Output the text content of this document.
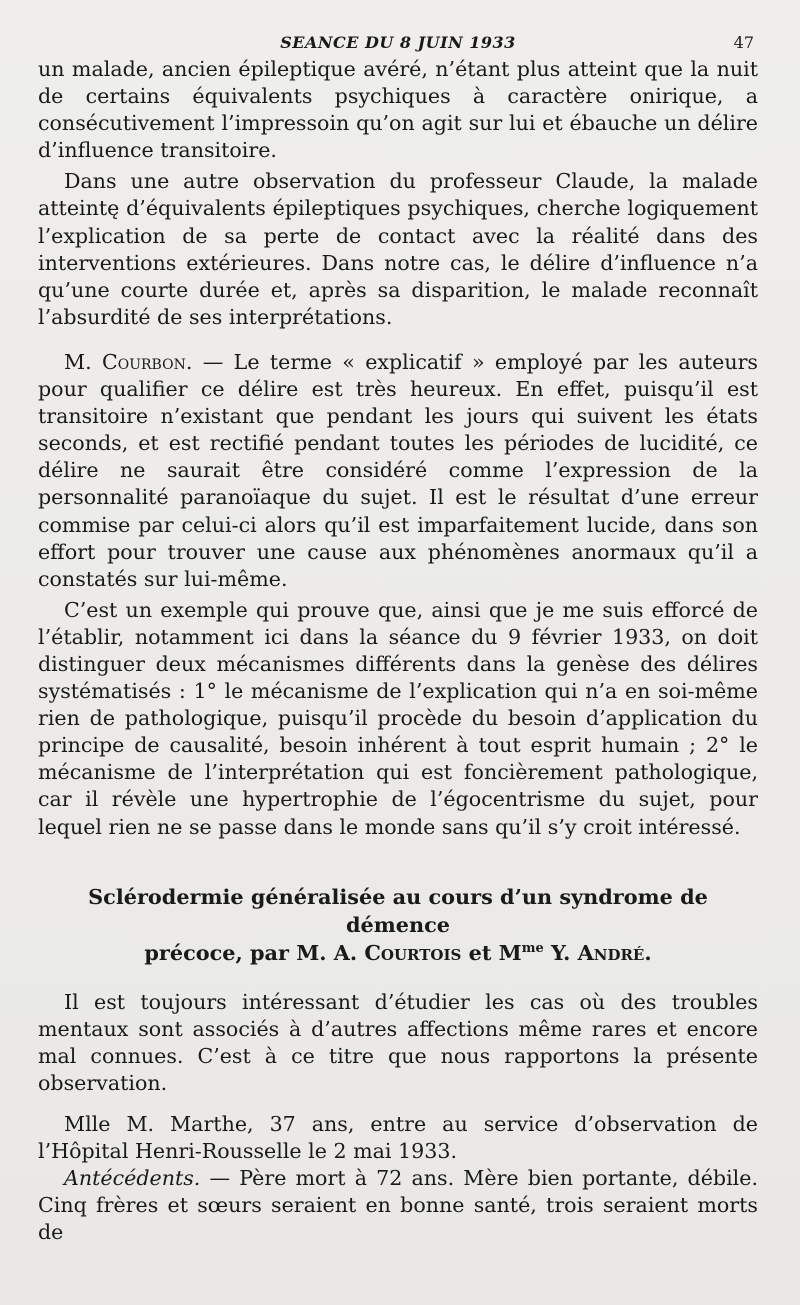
SEANCE DU 8 JUIN 1933	47

un malade, ancien épileptique avéré, n’étant plus atteint que la nuit de certains équivalents psychiques à caractère onirique, a consécutivement l’impressoin qu’on agit sur lui et ébauche un délire d’influence transitoire.

Dans une autre observation du professeur Claude, la malade atteintę d’équivalents épileptiques psychiques, cherche logiquement l’explication de sa perte de contact avec la réalité dans des interventions extérieures. Dans notre cas, le délire d’influence n’a qu’une courte durée et, après sa disparition, le malade reconnaît l’absurdité de ses interprétations.

M. Courbon. — Le terme « explicatif » employé par les auteurs pour qualifier ce délire est très heureux. En effet, puisqu’il est transitoire n’existant que pendant les jours qui suivent les états seconds, et est rectifié pendant toutes les périodes de lucidité, ce délire ne saurait être considéré comme l’expression de la personnalité paranoïaque du sujet. Il est le résultat d’une erreur commise par celui-ci alors qu’il est imparfaitement lucide, dans son effort pour trouver une cause aux phénomènes anormaux qu’il a constatés sur lui-même.

C’est un exemple qui prouve que, ainsi que je me suis efforcé de l’établir, notamment ici dans la séance du 9 février 1933, on doit distinguer deux mécanismes différents dans la genèse des délires systématisés : 1° le mécanisme de l’explication qui n’a en soi-même rien de pathologique, puisqu’il procède du besoin d’application du principe de causalité, besoin inhérent à tout esprit humain ; 2° le mécanisme de l’interprétation qui est foncièrement pathologique, car il révèle une hypertrophie de l’égocentrisme du sujet, pour lequel rien ne se passe dans le monde sans qu’il s’y croit intéressé.

Sclérodermie généralisée au cours d’un syndrome de démence
précoce, par M. A. Courtois et $M^{me}$ Y. André.

Il est toujours intéressant d’étudier les cas où des troubles mentaux sont associés à d’autres affections même rares et encore mal connues. C’est à ce titre que nous rapportons la présente observation.

Mlle M. Marthe, 37 ans, entre au service d’observation de l’Hôpital Henri-Rousselle le 2 mai 1933.

Antécédents. — Père mort à 72 ans. Mère bien portante, débile. Cinq frères et sœurs seraient en bonne santé, trois seraient morts de
